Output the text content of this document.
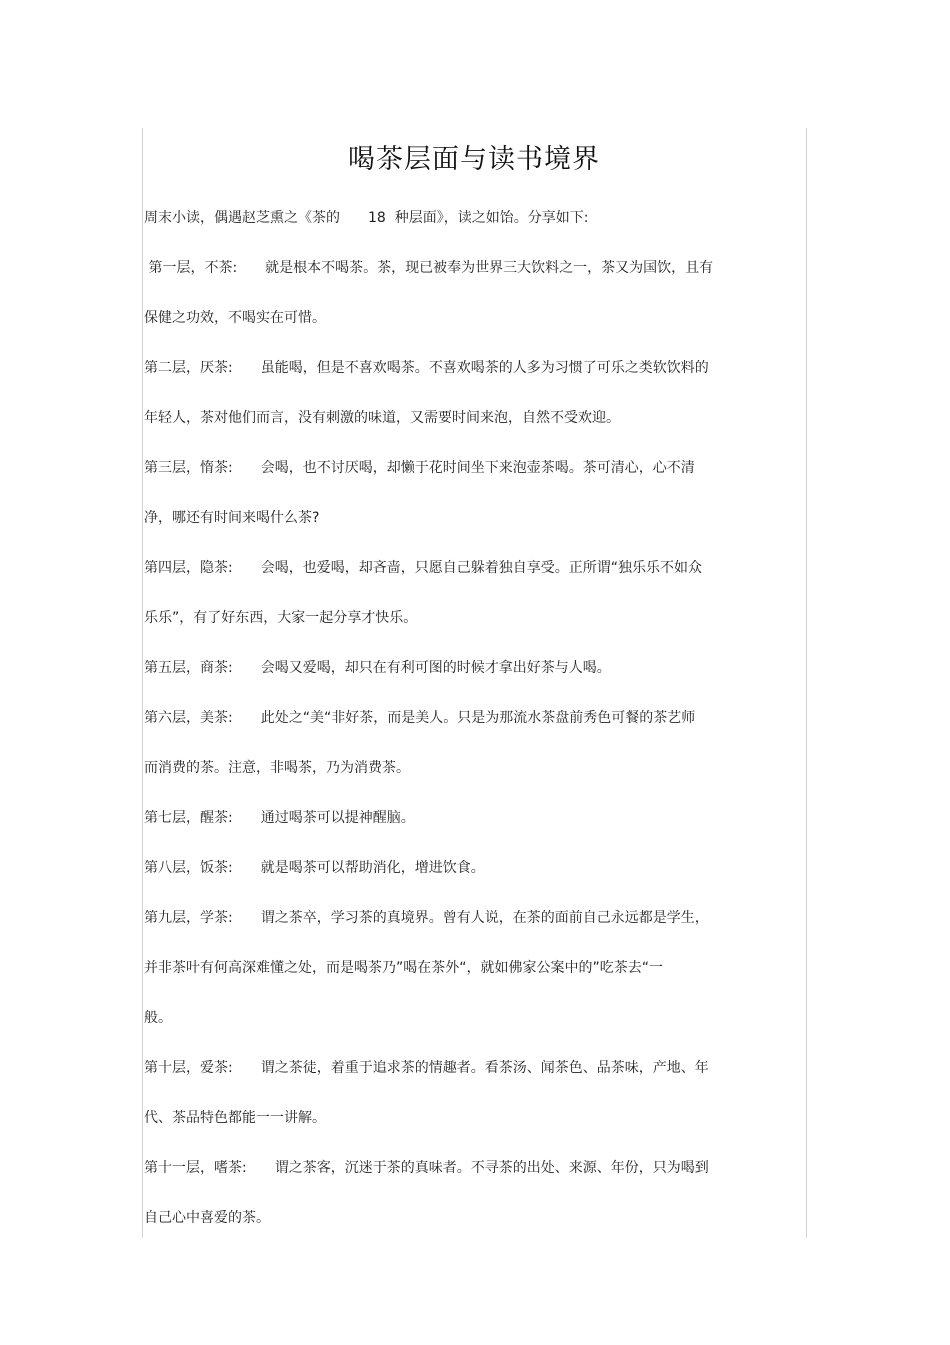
喝茶层面与读书境界
周末小读，偶遇赵芝熏之《茶的　　18  种层面》，读之如饴。分享如下:
第一层，不茶:　　就是根本不喝茶。茶，现已被奉为世界三大饮料之一，茶又为国饮，且有
保健之功效，不喝实在可惜。
第二层，厌茶:　　虽能喝，但是不喜欢喝茶。不喜欢喝茶的人多为习惯了可乐之类软饮料的
年轻人，茶对他们而言，没有刺激的味道，又需要时间来泡，自然不受欢迎。
第三层，惰茶:　　会喝，也不讨厌喝，却懒于花时间坐下来泡壶茶喝。茶可清心，心不清
净，哪还有时间来喝什么茶?
第四层，隐茶:　　会喝，也爱喝，却吝啬，只愿自己躲着独自享受。正所谓“独乐乐不如众
乐乐”，有了好东西，大家一起分享才快乐。
第五层，商茶:　　会喝又爱喝，却只在有利可图的时候才拿出好茶与人喝。
第六层，美茶:　　此处之“美“非好茶，而是美人。只是为那流水茶盘前秀色可餐的茶艺师
而消费的茶。注意，非喝茶，乃为消费茶。
第七层，醒茶:　　通过喝茶可以提神醒脑。
第八层，饭茶:　　就是喝茶可以帮助消化，增进饮食。
第九层，学茶:　　谓之茶卒，学习茶的真境界。曾有人说，在茶的面前自己永远都是学生，
并非茶叶有何高深难懂之处，而是喝茶乃”喝在茶外“，就如佛家公案中的”吃茶去“一
般。
第十层，爱茶:　　谓之茶徒，着重于追求茶的情趣者。看茶汤、闻茶色、品茶味，产地、年
代、茶品特色都能一一讲解。
第十一层，嗜茶:　　谓之茶客，沉迷于茶的真味者。不寻茶的出处、来源、年份，只为喝到
自己心中喜爱的茶。
